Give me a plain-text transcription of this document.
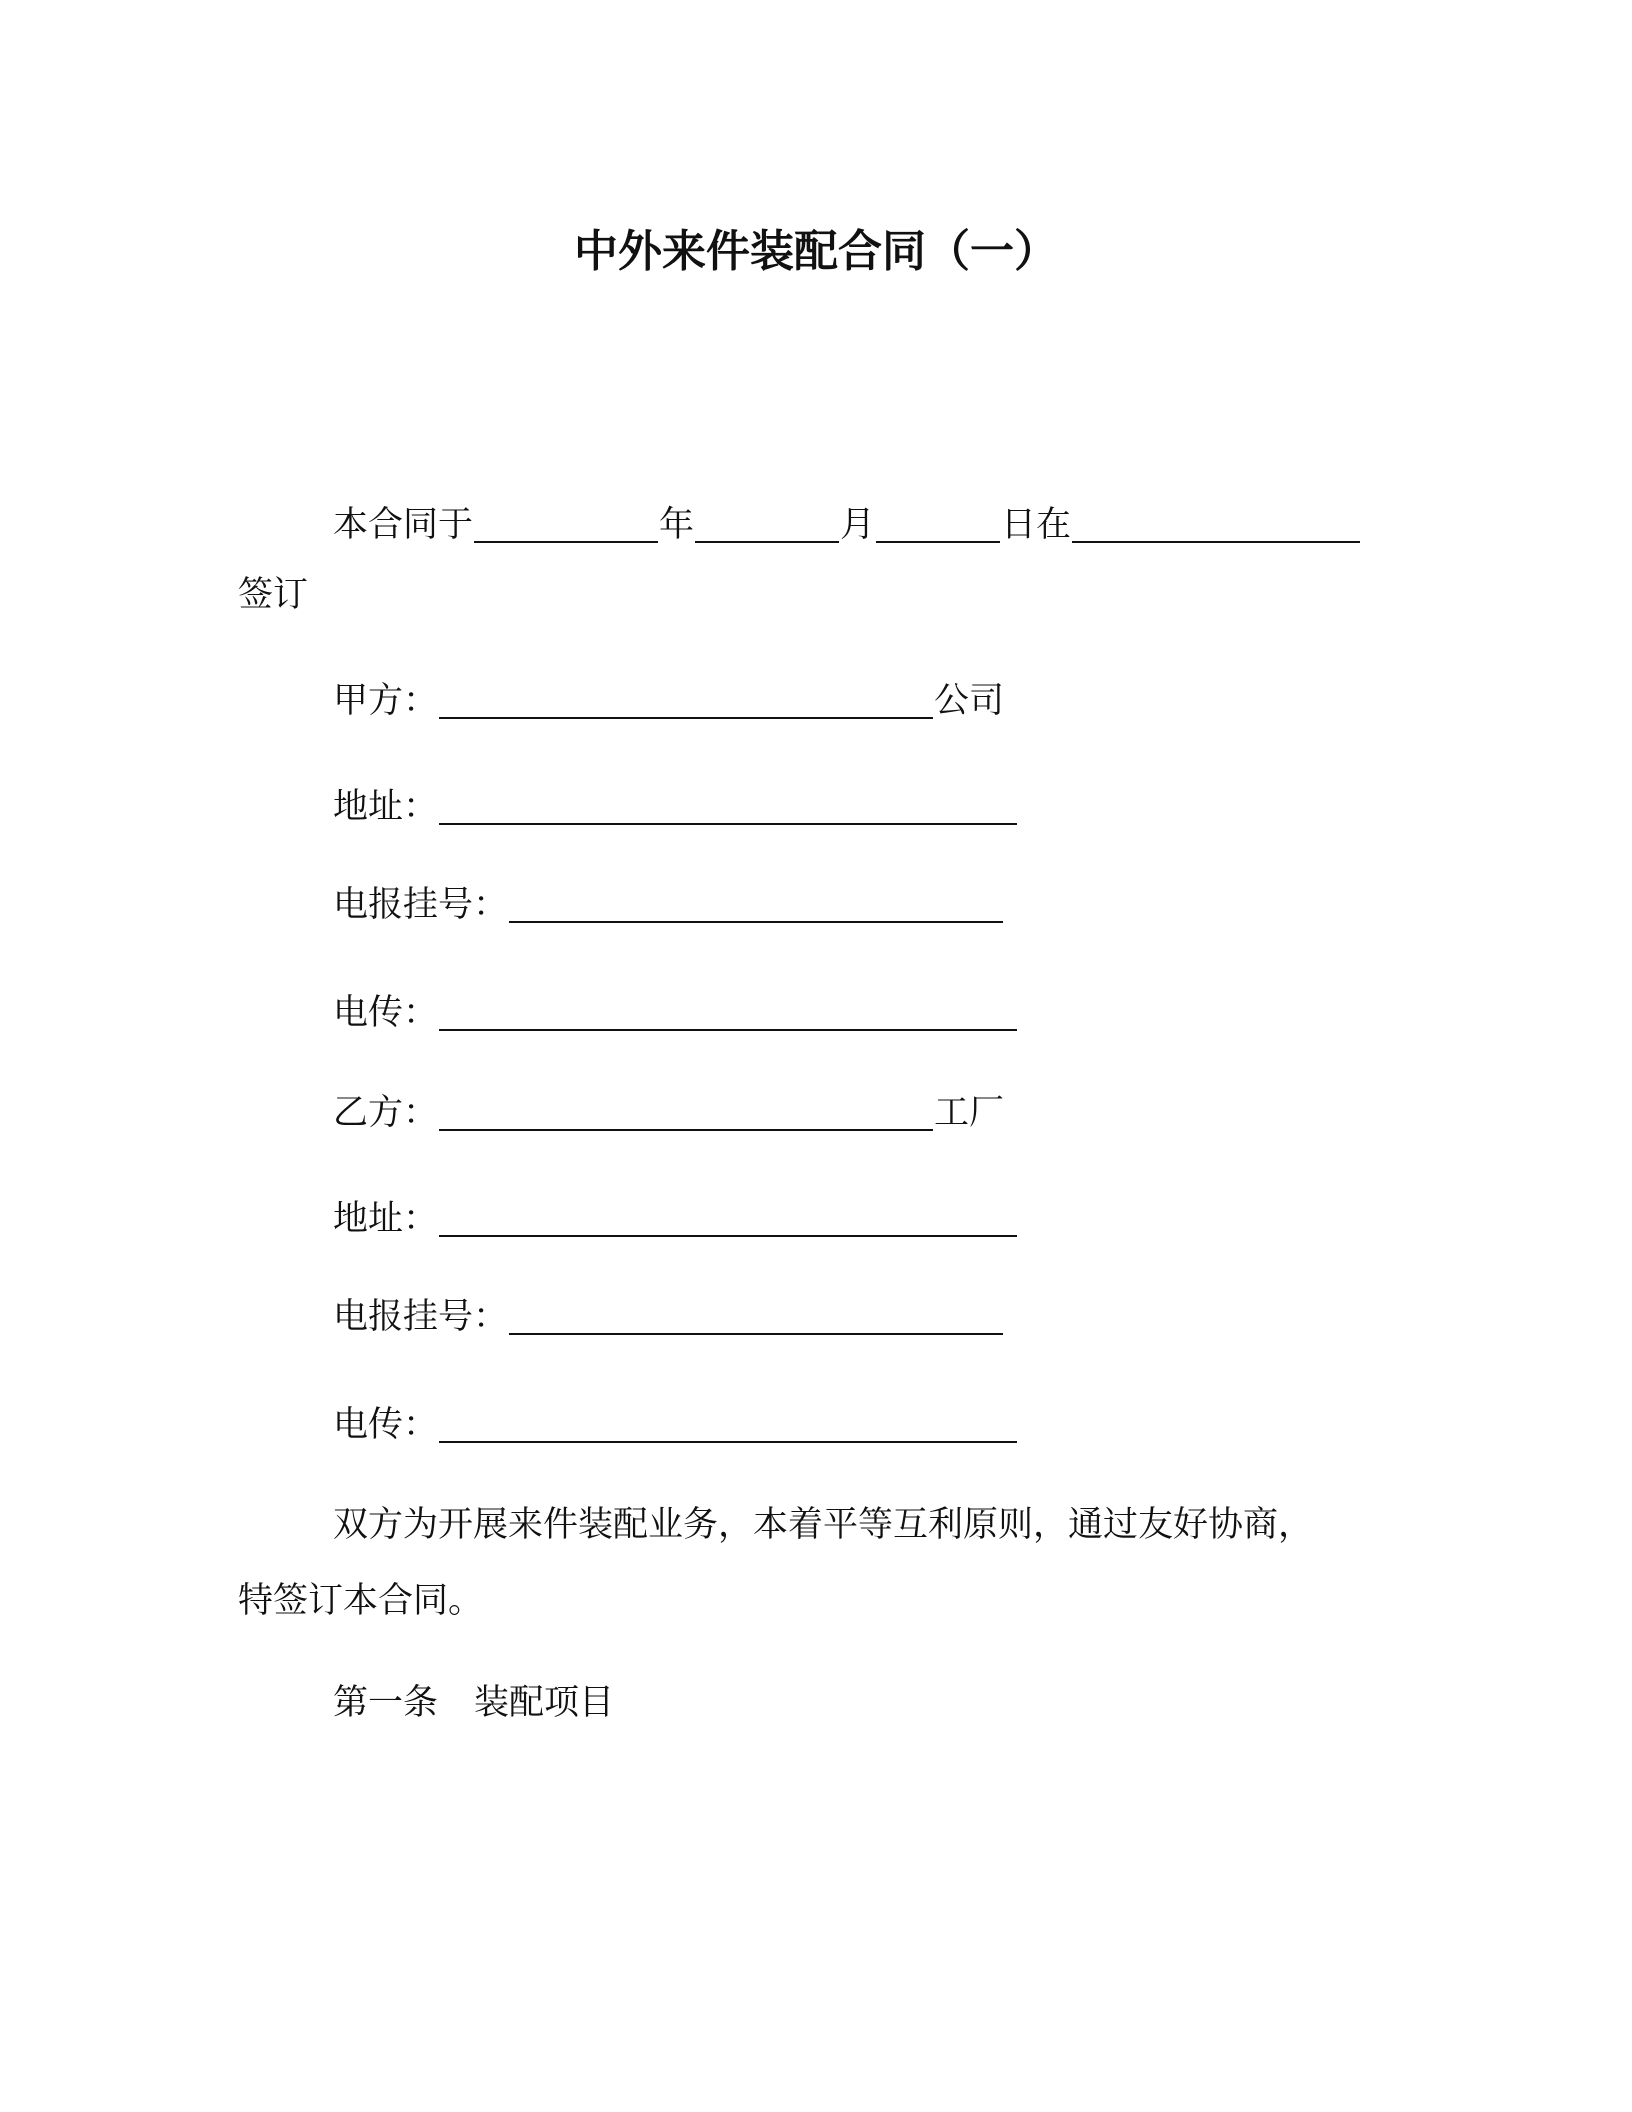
中外来件装配合同（一）
本合同于	年	月	日在
签订
甲方：	公司
地址：
电报挂号：
电传：
乙方：	工厂
地址：
电报挂号：
电传：
双方为开展来件装配业务，本着平等互利原则，通过友好协商，
特签订本合同。
第一条 装配项目
